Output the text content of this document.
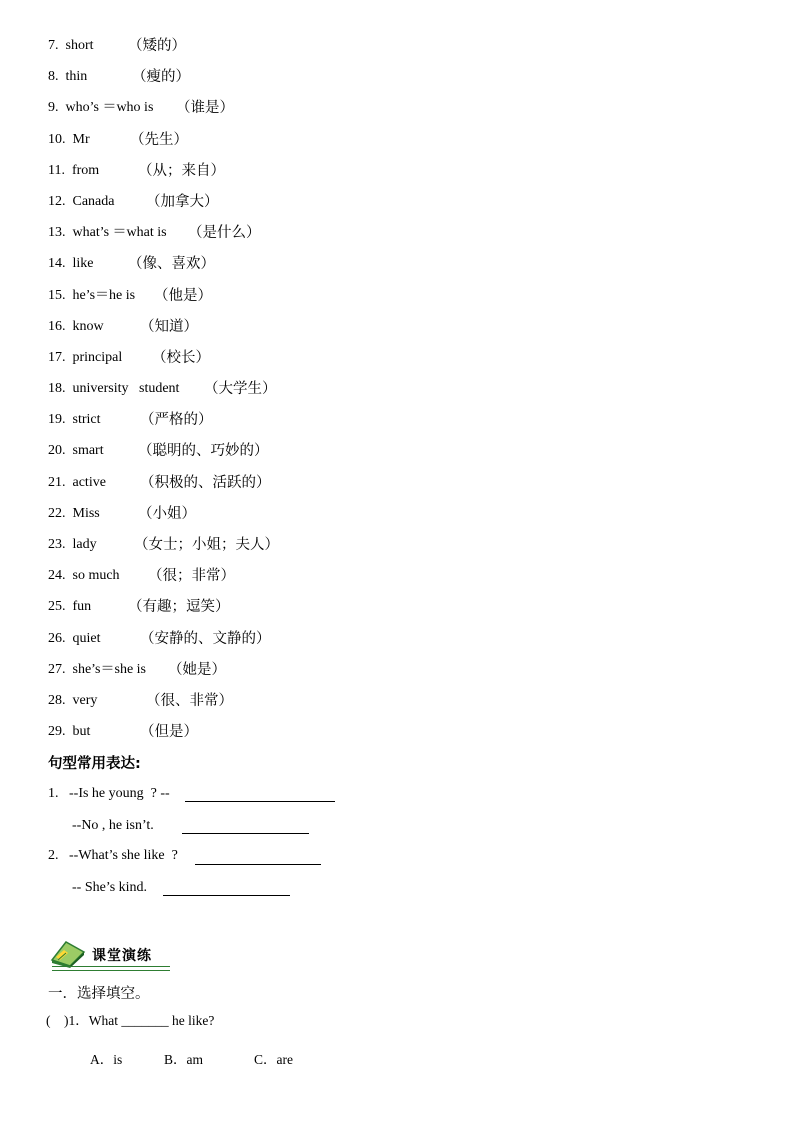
7.  short （矮的）
8.  thin	（瘦的）
9.  who’s ＝who is （谁是）
10.  Mr	（先生）
11.  from	（从；来自）
12.  Canada （加拿大）
13.  what’s ＝what is （是什么）
14.  like （像、喜欢）
15.  he’s＝he is （他是）
16.  know	（知道）
17.  principal （校长）
18.  university   student （大学生）
19.  strict	（严格的）
20.  smart （聪明的、巧妙的）
21.  active （积极的、活跃的）
22.  Miss	（小姐）
23.  lady	（女士；小姐；夫人）
24.  so much （很；非常）
25.  fun	（有趣；逗笑）
26.  quiet	（安静的、文静的）
27.  she’s＝she is （她是）
28.  very	（很、非常）
29.  but	（但是）
句型常用表达:
1.   --Is he young  ? --
--No , he isn’t.
2.   --What’s she like  ?
-- She’s kind.
课堂演练
一．选择填空。
(    )1．What _______ he like?
A．is	B．am	C．are
